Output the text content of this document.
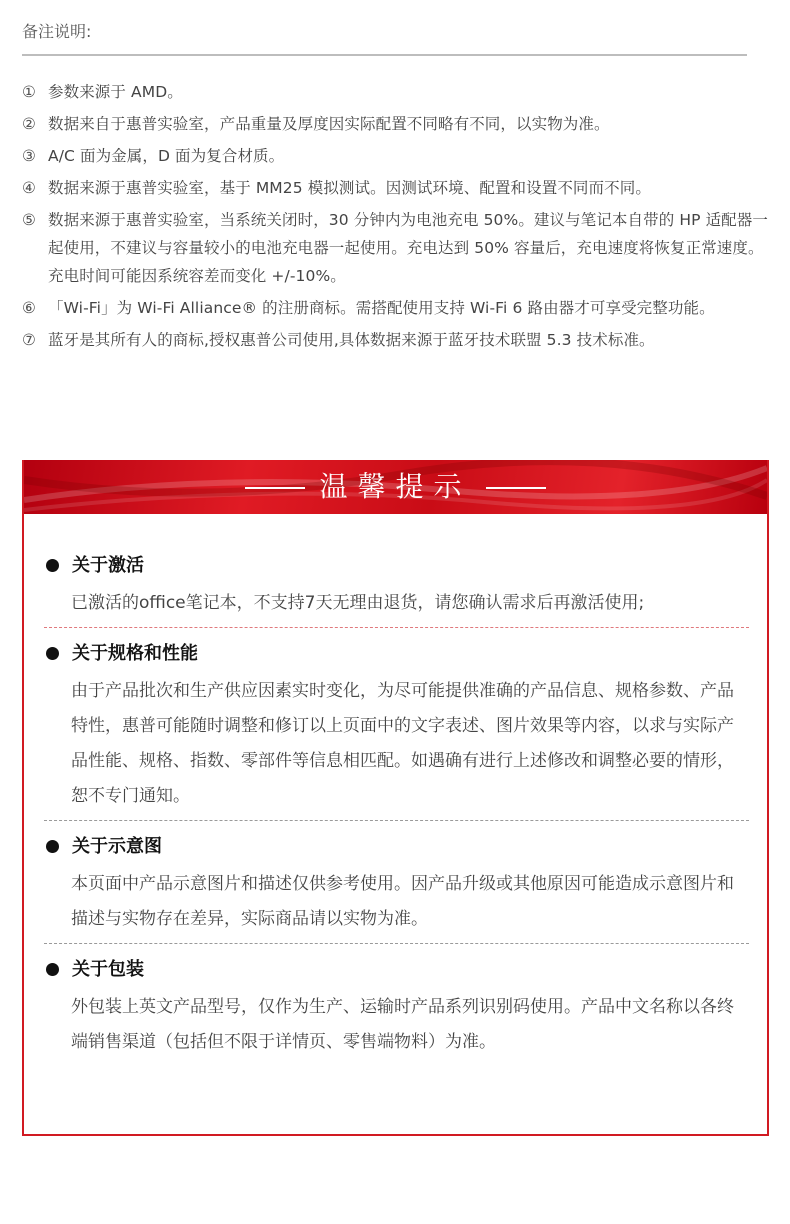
备注说明:
① 参数来源于 AMD。
② 数据来自于惠普实验室，产品重量及厚度因实际配置不同略有不同，以实物为准。
③ A/C 面为金属，D 面为复合材质。
④ 数据来源于惠普实验室，基于 MM25 模拟测试。因测试环境、配置和设置不同而不同。
⑤ 数据来源于惠普实验室，当系统关闭时，30 分钟内为电池充电 50%。建议与笔记本自带的 HP 适配器一起使用，不建议与容量较小的电池充电器一起使用。充电达到 50% 容量后，充电速度将恢复正常速度。充电时间可能因系统容差而变化 +/-10%。
⑥ 「Wi-Fi」为 Wi-Fi Alliance® 的注册商标。需搭配使用支持 Wi-Fi 6 路由器才可享受完整功能。
⑦ 蓝牙是其所有人的商标,授权惠普公司使用,具体数据来源于蓝牙技术联盟 5.3 技术标准。
温馨提示
关于激活
已激活的office笔记本，不支持7天无理由退货，请您确认需求后再激活使用;
关于规格和性能
由于产品批次和生产供应因素实时变化，为尽可能提供准确的产品信息、规格参数、产品特性，惠普可能随时调整和修订以上页面中的文字表述、图片效果等内容，以求与实际产品性能、规格、指数、零部件等信息相匹配。如遇确有进行上述修改和调整必要的情形，恕不专门通知。
关于示意图
本页面中产品示意图片和描述仅供参考使用。因产品升级或其他原因可能造成示意图片和描述与实物存在差异，实际商品请以实物为准。
关于包装
外包装上英文产品型号，仅作为生产、运输时产品系列识别码使用。产品中文名称以各终端销售渠道（包括但不限于详情页、零售端物料）为准。
